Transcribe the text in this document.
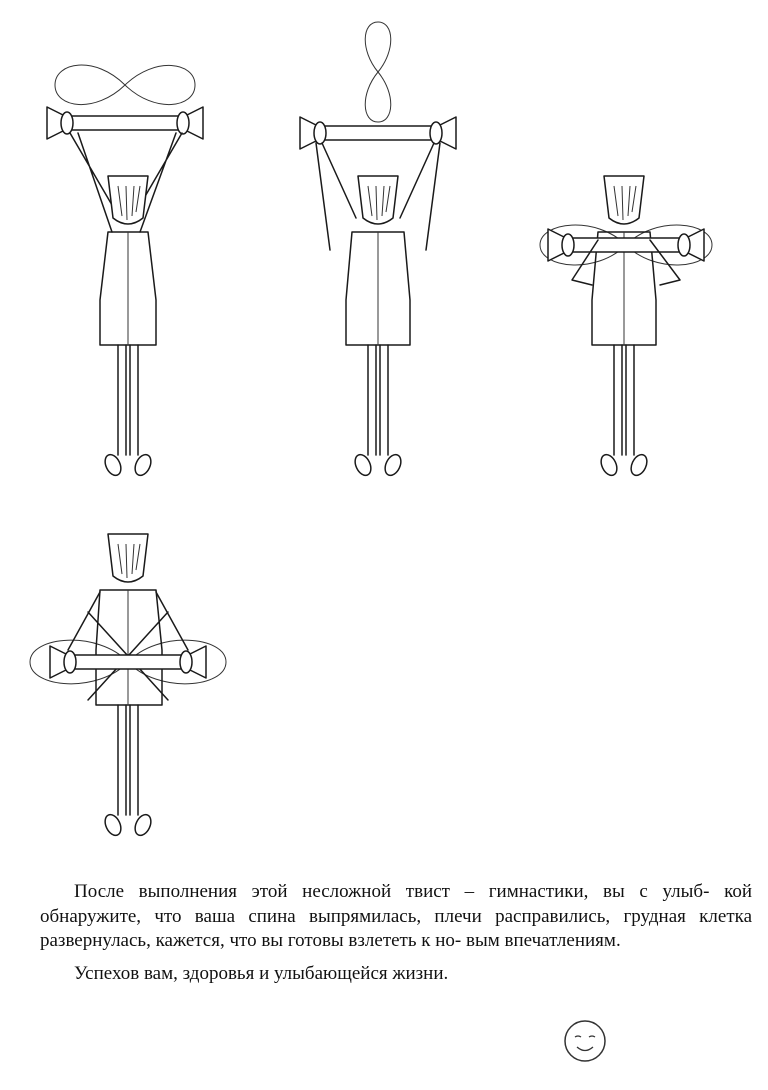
После выполнения этой несложной твист – гимнастики, вы с улыб- кой обнаружите, что ваша спина выпрямилась, плечи расправились, грудная клетка развернулась, кажется, что вы готовы взлететь к но- вым впечатлениям.

Успехов вам, здоровья и улыбающейся жизни.
